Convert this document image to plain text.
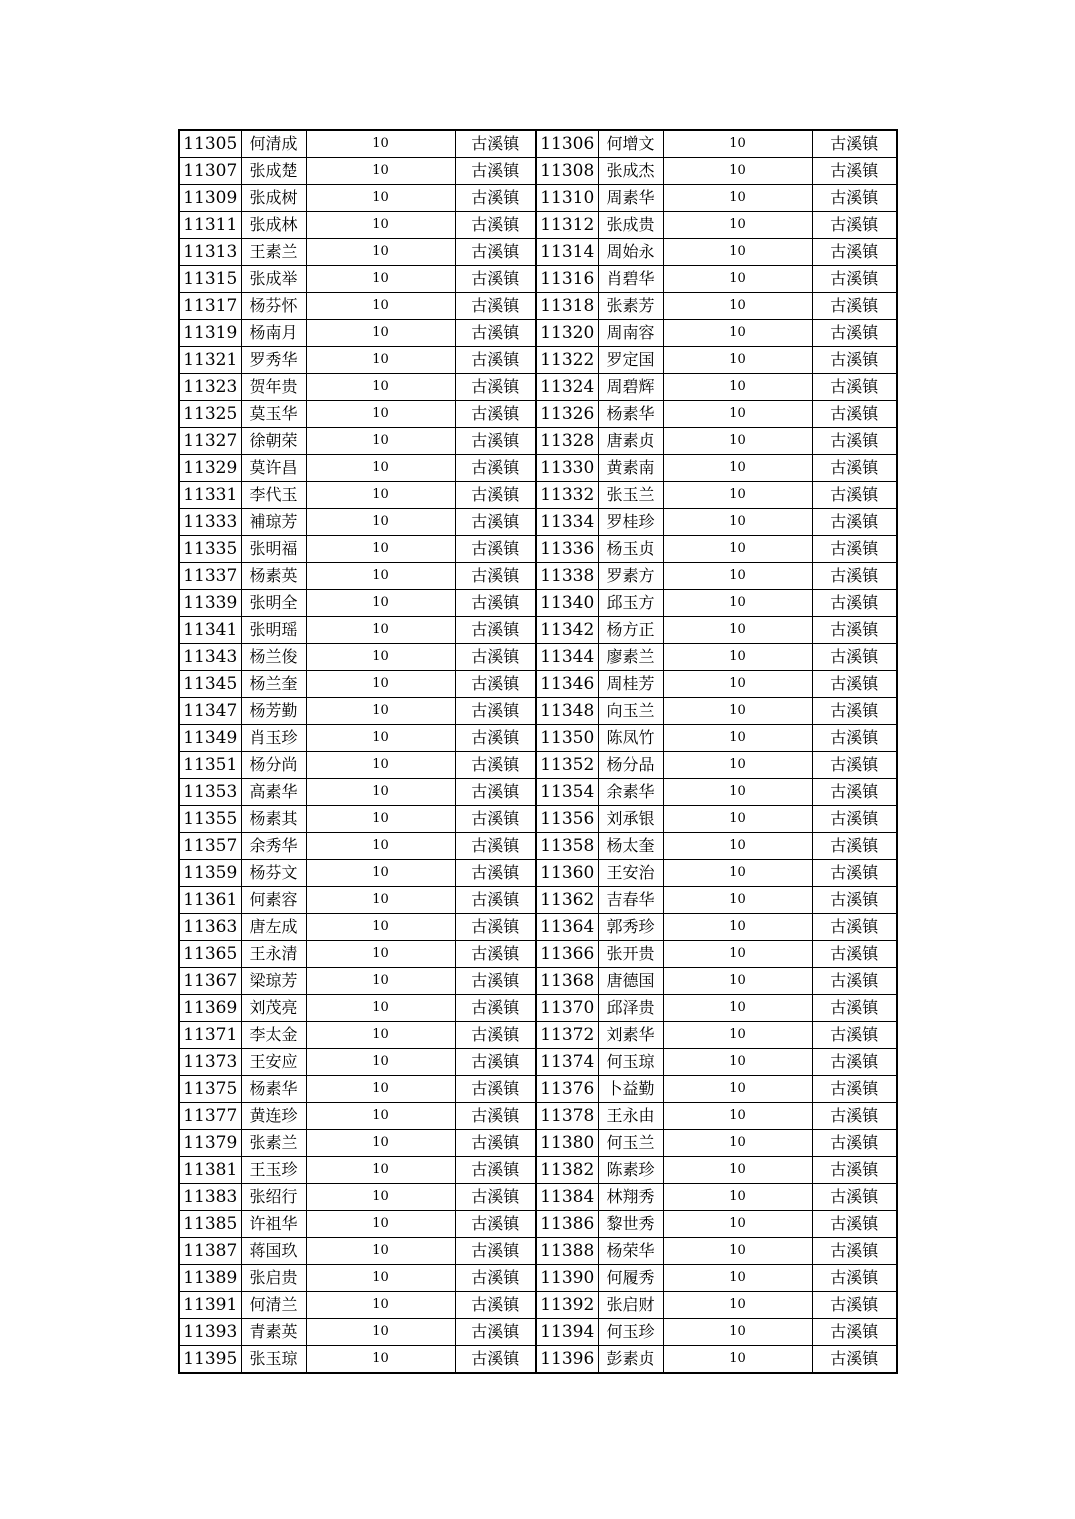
11305	何清成	10	古溪镇	11306	何增文	10	古溪镇
11307	张成楚	10	古溪镇	11308	张成杰	10	古溪镇
11309	张成树	10	古溪镇	11310	周素华	10	古溪镇
11311	张成林	10	古溪镇	11312	张成贵	10	古溪镇
11313	王素兰	10	古溪镇	11314	周始永	10	古溪镇
11315	张成举	10	古溪镇	11316	肖碧华	10	古溪镇
11317	杨芬怀	10	古溪镇	11318	张素芳	10	古溪镇
11319	杨南月	10	古溪镇	11320	周南容	10	古溪镇
11321	罗秀华	10	古溪镇	11322	罗定国	10	古溪镇
11323	贺年贵	10	古溪镇	11324	周碧辉	10	古溪镇
11325	莫玉华	10	古溪镇	11326	杨素华	10	古溪镇
11327	徐朝荣	10	古溪镇	11328	唐素贞	10	古溪镇
11329	莫许昌	10	古溪镇	11330	黄素南	10	古溪镇
11331	李代玉	10	古溪镇	11332	张玉兰	10	古溪镇
11333	補琼芳	10	古溪镇	11334	罗桂珍	10	古溪镇
11335	张明福	10	古溪镇	11336	杨玉贞	10	古溪镇
11337	杨素英	10	古溪镇	11338	罗素方	10	古溪镇
11339	张明全	10	古溪镇	11340	邱玉方	10	古溪镇
11341	张明瑶	10	古溪镇	11342	杨方正	10	古溪镇
11343	杨兰俊	10	古溪镇	11344	廖素兰	10	古溪镇
11345	杨兰奎	10	古溪镇	11346	周桂芳	10	古溪镇
11347	杨芳勤	10	古溪镇	11348	向玉兰	10	古溪镇
11349	肖玉珍	10	古溪镇	11350	陈凤竹	10	古溪镇
11351	杨分尚	10	古溪镇	11352	杨分品	10	古溪镇
11353	高素华	10	古溪镇	11354	余素华	10	古溪镇
11355	杨素其	10	古溪镇	11356	刘承银	10	古溪镇
11357	余秀华	10	古溪镇	11358	杨太奎	10	古溪镇
11359	杨芬文	10	古溪镇	11360	王安治	10	古溪镇
11361	何素容	10	古溪镇	11362	吉春华	10	古溪镇
11363	唐左成	10	古溪镇	11364	郭秀珍	10	古溪镇
11365	王永清	10	古溪镇	11366	张开贵	10	古溪镇
11367	梁琼芳	10	古溪镇	11368	唐德国	10	古溪镇
11369	刘茂亮	10	古溪镇	11370	邱泽贵	10	古溪镇
11371	李太金	10	古溪镇	11372	刘素华	10	古溪镇
11373	王安应	10	古溪镇	11374	何玉琼	10	古溪镇
11375	杨素华	10	古溪镇	11376	卜益勤	10	古溪镇
11377	黄连珍	10	古溪镇	11378	王永由	10	古溪镇
11379	张素兰	10	古溪镇	11380	何玉兰	10	古溪镇
11381	王玉珍	10	古溪镇	11382	陈素珍	10	古溪镇
11383	张绍行	10	古溪镇	11384	林翔秀	10	古溪镇
11385	许祖华	10	古溪镇	11386	黎世秀	10	古溪镇
11387	蒋国玖	10	古溪镇	11388	杨荣华	10	古溪镇
11389	张启贵	10	古溪镇	11390	何履秀	10	古溪镇
11391	何清兰	10	古溪镇	11392	张启财	10	古溪镇
11393	青素英	10	古溪镇	11394	何玉珍	10	古溪镇
11395	张玉琼	10	古溪镇	11396	彭素贞	10	古溪镇
